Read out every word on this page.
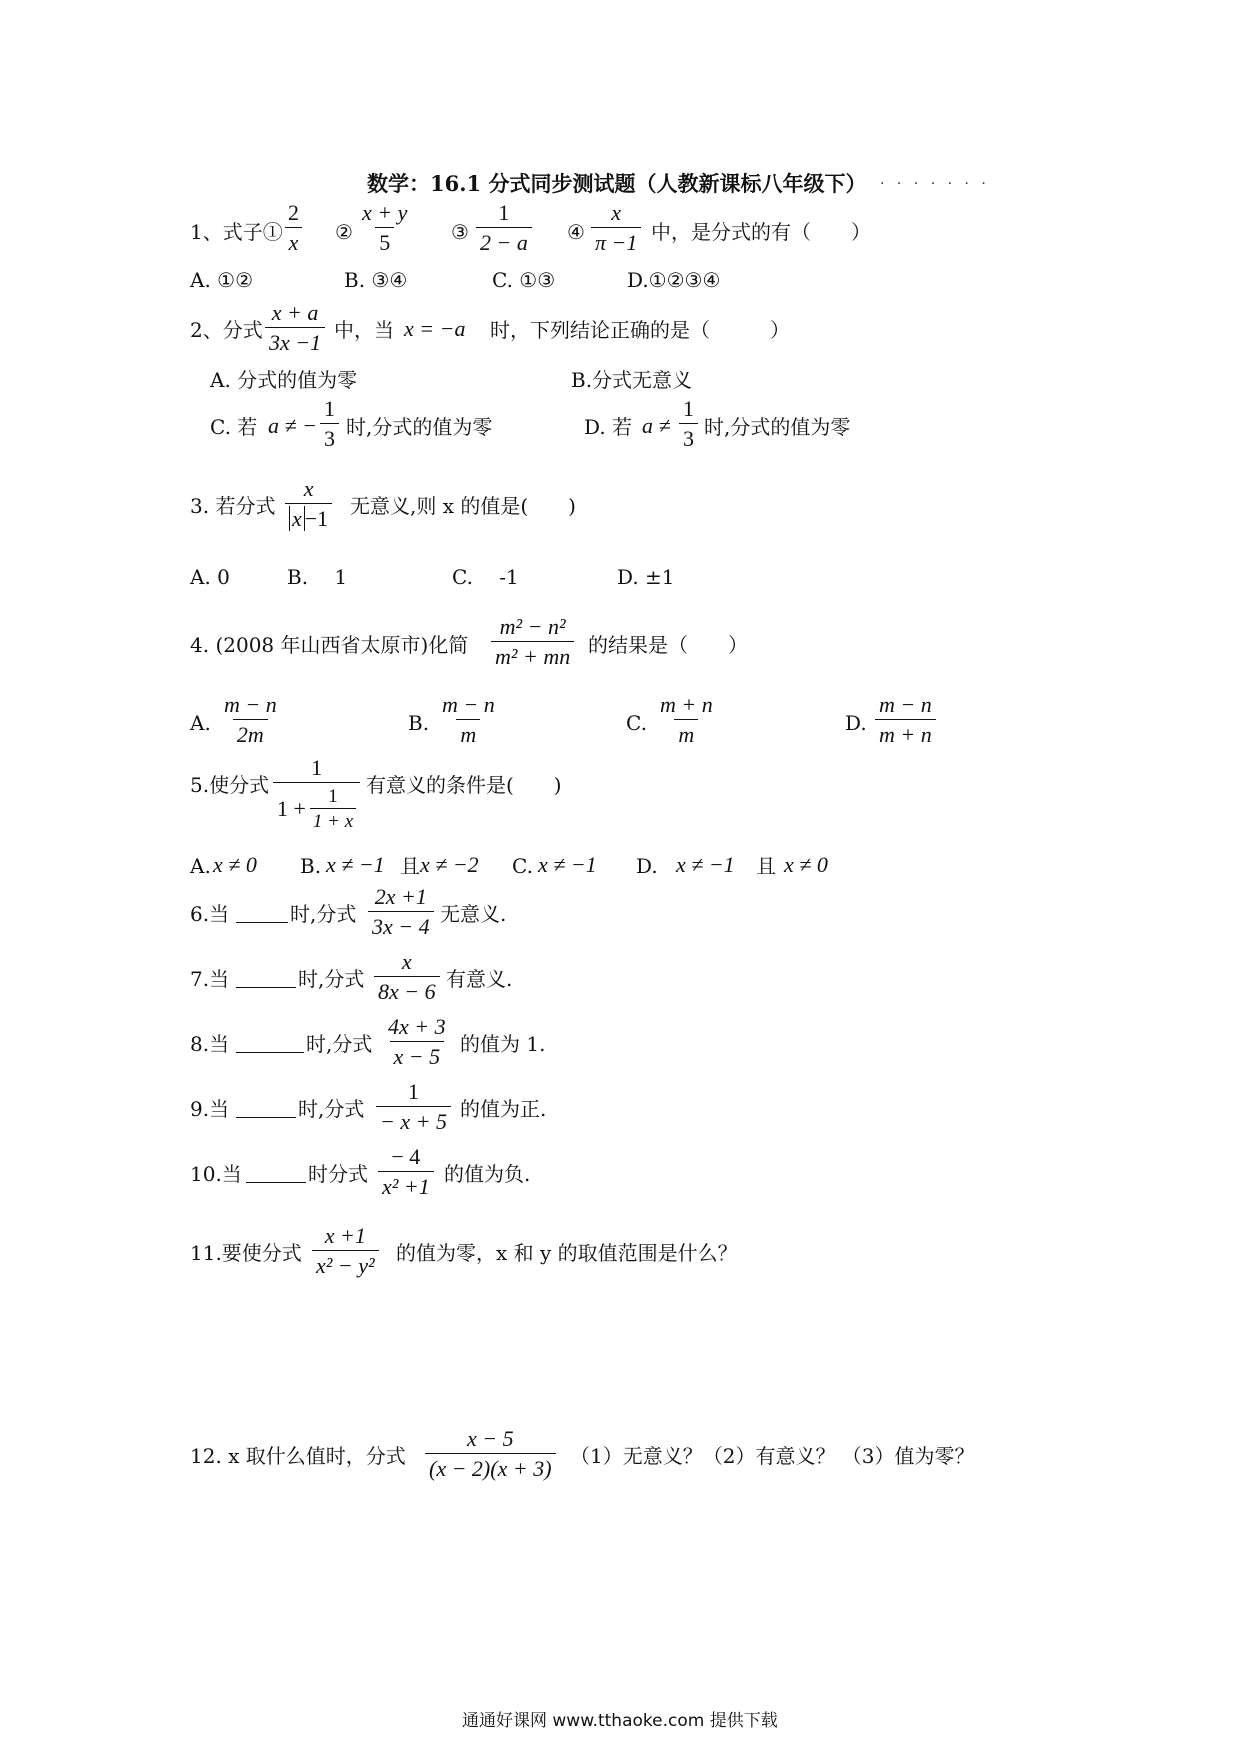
数学：16.1 分式同步测试题（人教新课标八年级下） · · · · · · ·
1、式子① $\frac{2}{x}$ ② $\frac{x + y}{5}$ ③ $\frac{1}{2 - a}$ ④ $\frac{x}{\pi -1}$ 中，是分式的有（　　）
A. ①②	B. ③④	C. ①③	D.①②③④
2、分式 $\frac{x + a}{3x -1}$ 中，当 x = −a 时，下列结论正确的是（　　　）
A. 分式的值为零	B.分式无意义
C. 若 a ≠ − $\frac{1}{3}$ 时,分式的值为零	D. 若 $a \ne \frac{1}{3}$ 时,分式的值为零
3. 若分式 $\frac{x}{x -1}$ 无意义,则 x 的值是(　　)
A. 0	B.　 1	C.　 -1	D. ±1
4. (2008 年山西省太原市)化简 $\frac{\text{m² − n²}}{\text{m² + mn}}$ 的结果是（　　）
A. $\frac{m - n}{2m}$	B. $\frac{m - n}{m}$	C. $\frac{m + n}{m}$	D. $\frac{m - n}{m + n}$
5.使分式 $\frac{1}{1 + \frac{1}{1 + x}}$ 有意义的条件是(　　)
A. x ≠ 0 B. x ≠ −1 且 x ≠ −2 C. x ≠ −1 D. x ≠ −1 且 x ≠ 0
6.当	时,分式 $\frac{2x +1}{3x - 4}$ 无意义.
7.当	时,分式 $\frac{x}{8x - 6}$ 有意义.
8.当	时,分式 $\frac{4x + 3}{x - 5}$ 的值为 1.
9.当	时,分式 $\frac{1}{- x + 5}$ 的值为正.
10.当	时分式 $\frac{- 4}{\text{x² +1}}$ 的值为负.
11.要使分式 $\frac{x +1}{\text{x² − y²}}$ 的值为零，x 和 y 的取值范围是什么？
12. x 取什么值时，分式 $\frac{x - 5}{(x - 2)(x + 3)} (1)$无意义？（2）有意义？ （3）值为零？
通通好课网 www.tthaoke.com 提供下载
